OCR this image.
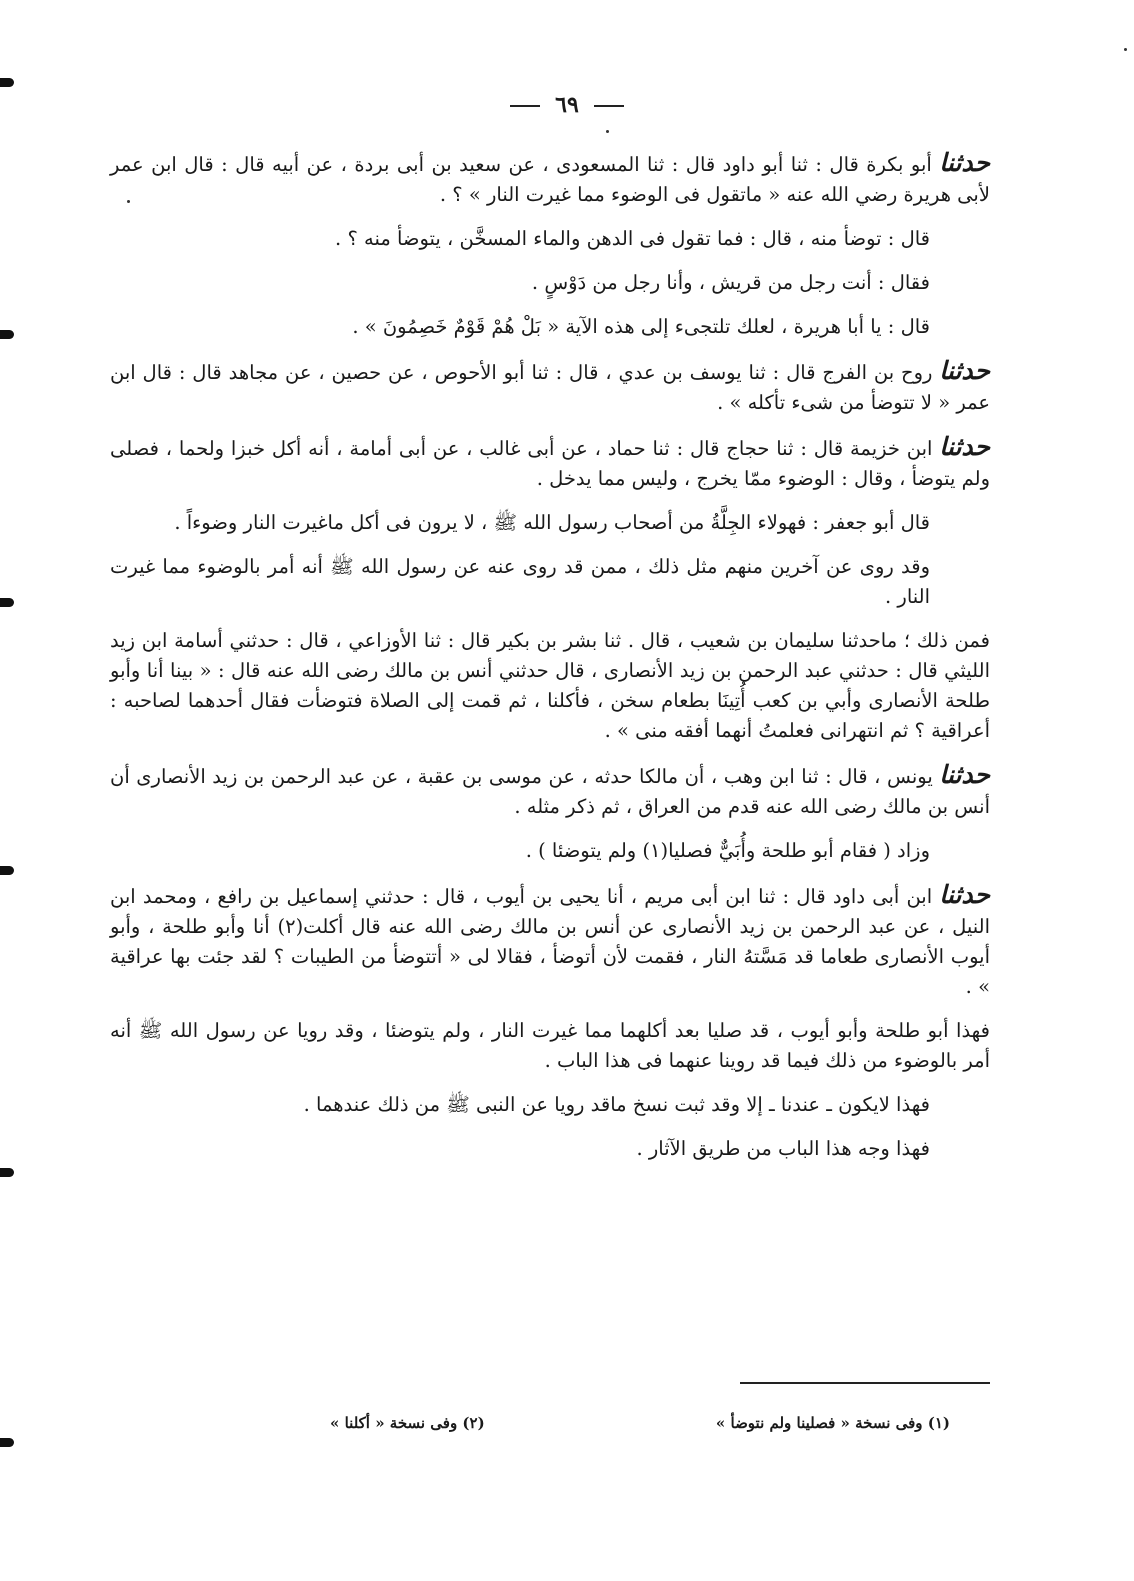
٦٩

حدثنا أبو بكرة قال : ثنا أبو داود قال : ثنا المسعودى ، عن سعيد بن أبى بردة ، عن أبيه قال : قال ابن عمر لأبى هريرة رضي الله عنه « ماتقول فى الوضوء مما غيرت النار » ؟ .

قال : توضأ منه ، قال : فما تقول فى الدهن والماء المسخَّن ، يتوضأ منه ؟ .

فقال : أنت رجل من قريش ، وأنا رجل من دَوْسٍ .

قال : يا أبا هريرة ، لعلك تلتجىء إلى هذه الآية « بَلْ هُمْ قَوْمٌ خَصِمُونَ » .

حدثنا روح بن الفرج قال : ثنا يوسف بن عدي ، قال : ثنا أبو الأحوص ، عن حصين ، عن مجاهد قال : قال ابن عمر « لا تتوضأ من شىء تأكله » .

حدثنا ابن خزيمة قال : ثنا حجاج قال : ثنا حماد ، عن أبى غالب ، عن أبى أمامة ، أنه أكل خبزا ولحما ، فصلى ولم يتوضأ ، وقال : الوضوء ممّا يخرج ، وليس مما يدخل .

قال أبو جعفر : فهولاء الجِلَّةُ من أصحاب رسول الله ﷺ ، لا يرون فى أكل ماغيرت النار وضوءاً .

وقد روى عن آخرين منهم مثل ذلك ، ممن قد روى عنه عن رسول الله ﷺ أنه أمر بالوضوء مما غيرت النار .

فمن ذلك ؛ ماحدثنا سليمان بن شعيب ، قال . ثنا بشر بن بكير قال : ثنا الأوزاعي ، قال : حدثني أسامة ابن زيد الليثي قال : حدثني عبد الرحمن بن زيد الأنصارى ، قال حدثني أنس بن مالك رضى الله عنه قال : « بينا أنا وأبو طلحة الأنصارى وأبي بن كعب أُتِينَا بطعام سخن ، فأكلنا ، ثم قمت إلى الصلاة فتوضأت فقال أحدهما لصاحبه : أعراقية ؟ ثم انتهرانى فعلمتُ أنهما أفقه منى » .

حدثنا يونس ، قال : ثنا ابن وهب ، أن مالكا حدثه ، عن موسى بن عقبة ، عن عبد الرحمن بن زيد الأنصارى أن أنس بن مالك رضى الله عنه قدم من العراق ، ثم ذكر مثله .

وزاد ( فقام أبو طلحة وأُبَيٌّ فصليا(١) ولم يتوضئا ) .

حدثنا ابن أبى داود قال : ثنا ابن أبى مريم ، أنا يحيى بن أيوب ، قال : حدثني إسماعيل بن رافع ، ومحمد ابن النيل ، عن عبد الرحمن بن زيد الأنصارى عن أنس بن مالك رضى الله عنه قال أكلت(٢) أنا وأبو طلحة ، وأبو أيوب الأنصارى طعاما قد مَسَّتهُ النار ، فقمت لأن أتوضأ ، فقالا لى « أتتوضأ من الطيبات ؟ لقد جئت بها عراقية » .

فهذا أبو طلحة وأبو أيوب ، قد صليا بعد أكلهما مما غيرت النار ، ولم يتوضئا ، وقد رويا عن رسول الله ﷺ أنه أمر بالوضوء من ذلك فيما قد روينا عنهما فى هذا الباب .

فهذا لايكون ـ عندنا ـ إلا وقد ثبت نسخ ماقد رويا عن النبى ﷺ من ذلك عندهما .

فهذا وجه هذا الباب من طريق الآثار .

(١) وفى نسخة « فصلينا ولم نتوضأ »
(٢) وفى نسخة « أكلنا »
